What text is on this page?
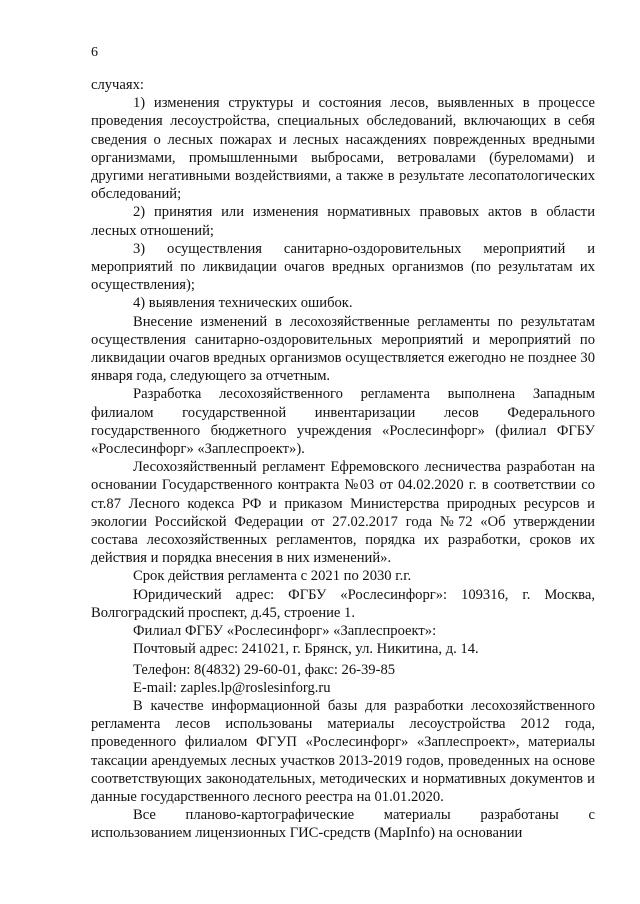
6

случаях:

1) изменения структуры и состояния лесов, выявленных в процессе проведения лесоустройства, специальных обследований, включающих в себя сведения о лесных пожарах и лесных насаждениях поврежденных вредными организмами, промышленными выбросами, ветровалами (буреломами) и другими негативными воздействиями, а также в результате лесопатологических обследований;

2) принятия или изменения нормативных правовых актов в области лесных отношений;

3) осуществления санитарно-оздоровительных мероприятий и мероприятий по ликвидации очагов вредных организмов (по результатам их осуществления);

4) выявления технических ошибок.

Внесение изменений в лесохозяйственные регламенты по результатам осуществления санитарно-оздоровительных мероприятий и мероприятий по ликвидации очагов вредных организмов осуществляется ежегодно не позднее 30 января года, следующего за отчетным.

Разработка лесохозяйственного регламента выполнена Западным филиалом государственной инвентаризации лесов Федерального государственного бюджетного учреждения «Рослесинфорг» (филиал ФГБУ «Рослесинфорг» «Заплеспроект»).

Лесохозяйственный регламент Ефремовского лесничества разработан на основании Государственного контракта №03 от 04.02.2020 г. в соответствии со ст.87 Лесного кодекса РФ и приказом Министерства природных ресурсов и экологии Российской Федерации от 27.02.2017 года №72 «Об утверждении состава лесохозяйственных регламентов, порядка их разработки, сроков их действия и порядка внесения в них изменений».

Срок действия регламента с 2021 по 2030 г.г.

Юридический адрес: ФГБУ «Рослесинфорг»: 109316, г. Москва, Волгоградский проспект, д.45, строение 1.

Филиал ФГБУ «Рослесинфорг» «Заплеспроект»:

Почтовый адрес: 241021, г. Брянск, ул. Никитина, д. 14.

Телефон: 8(4832) 29-60-01, факс: 26-39-85

E-mail: zaples.lp@roslesinforg.ru

В качестве информационной базы для разработки лесохозяйственного регламента лесов использованы материалы лесоустройства 2012 года, проведенного филиалом ФГУП «Рослесинфорг» «Заплеспроект», материалы таксации арендуемых лесных участков 2013-2019 годов, проведенных на основе соответствующих законодательных, методических и нормативных документов и данные государственного лесного реестра на 01.01.2020.

Все планово-картографические материалы разработаны с использованием лицензионных ГИС-средств (MapInfo) на основании
